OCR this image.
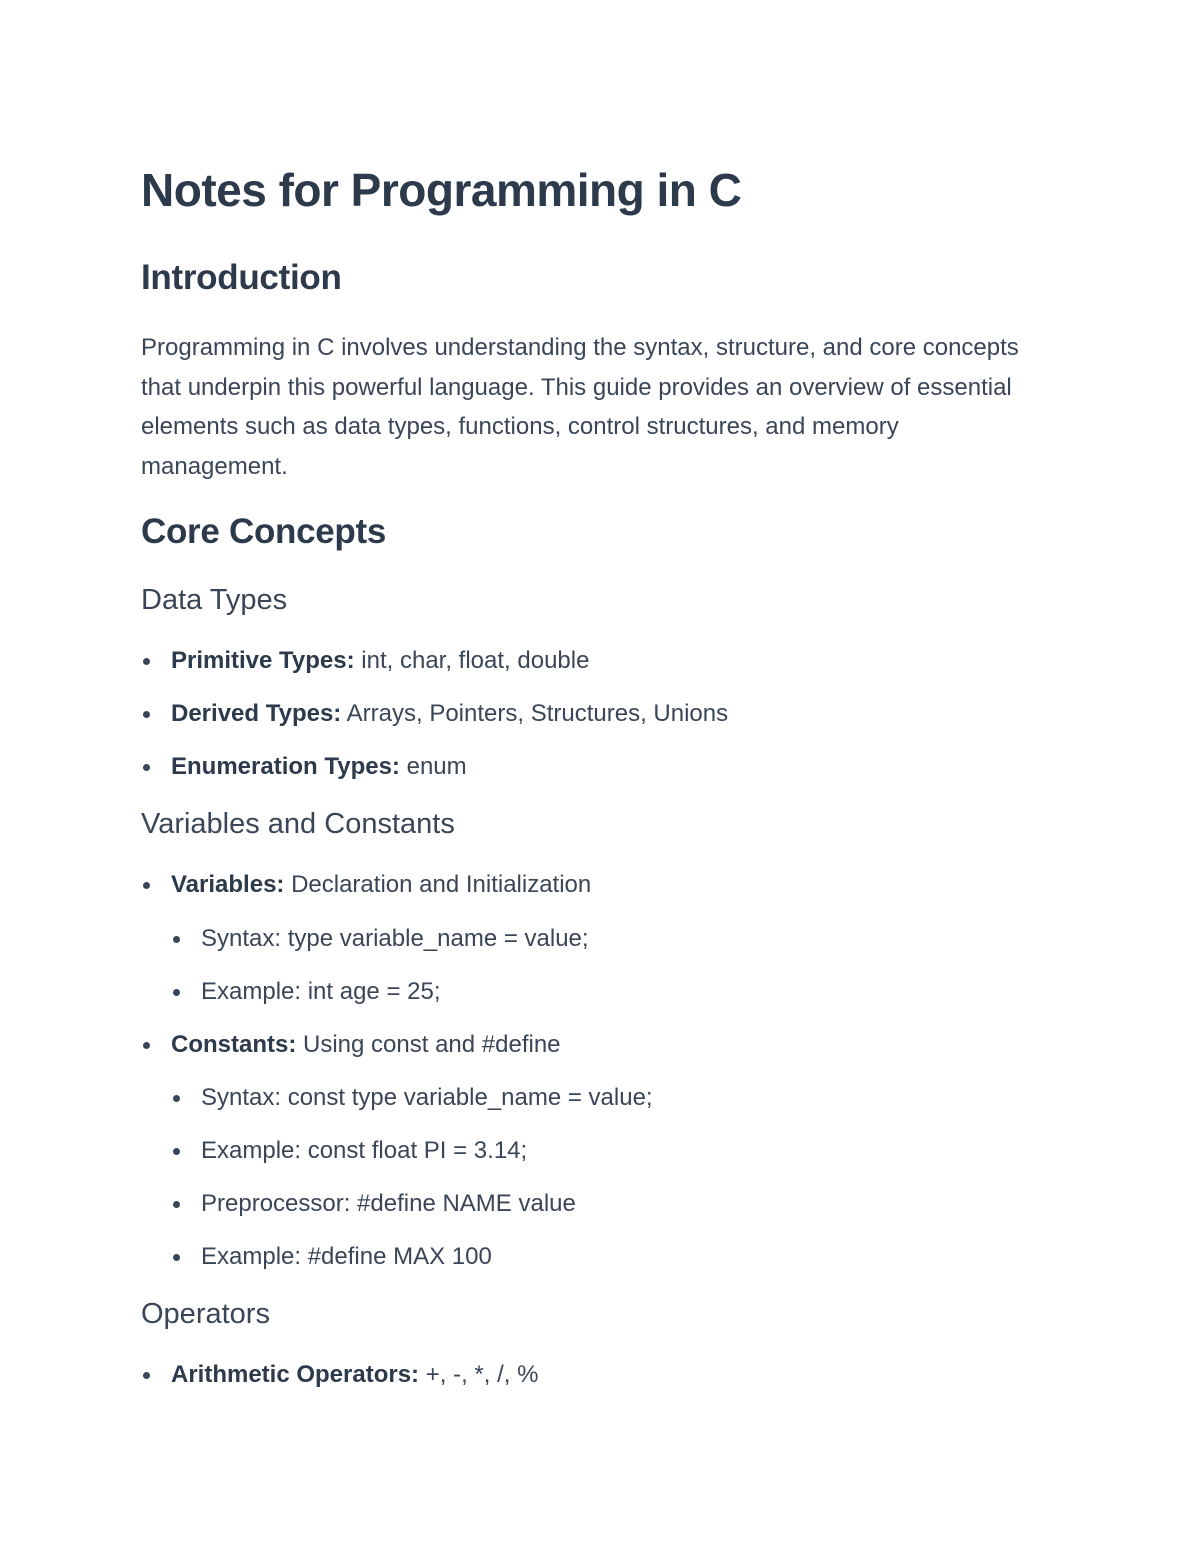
Notes for Programming in C
Introduction

Programming in C involves understanding the syntax, structure, and core concepts that underpin this powerful language. This guide provides an overview of essential elements such as data types, functions, control structures, and memory management.

Core Concepts
Data Types
Primitive Types: int, char, float, double
Derived Types: Arrays, Pointers, Structures, Unions
Enumeration Types: enum
Variables and Constants
Variables: Declaration and Initialization
Syntax: type variable_name = value;
Example: int age = 25;
Constants: Using const and #define
Syntax: const type variable_name = value;
Example: const float PI = 3.14;
Preprocessor: #define NAME value
Example: #define MAX 100
Operators
Arithmetic Operators: +, -, *, /, %
